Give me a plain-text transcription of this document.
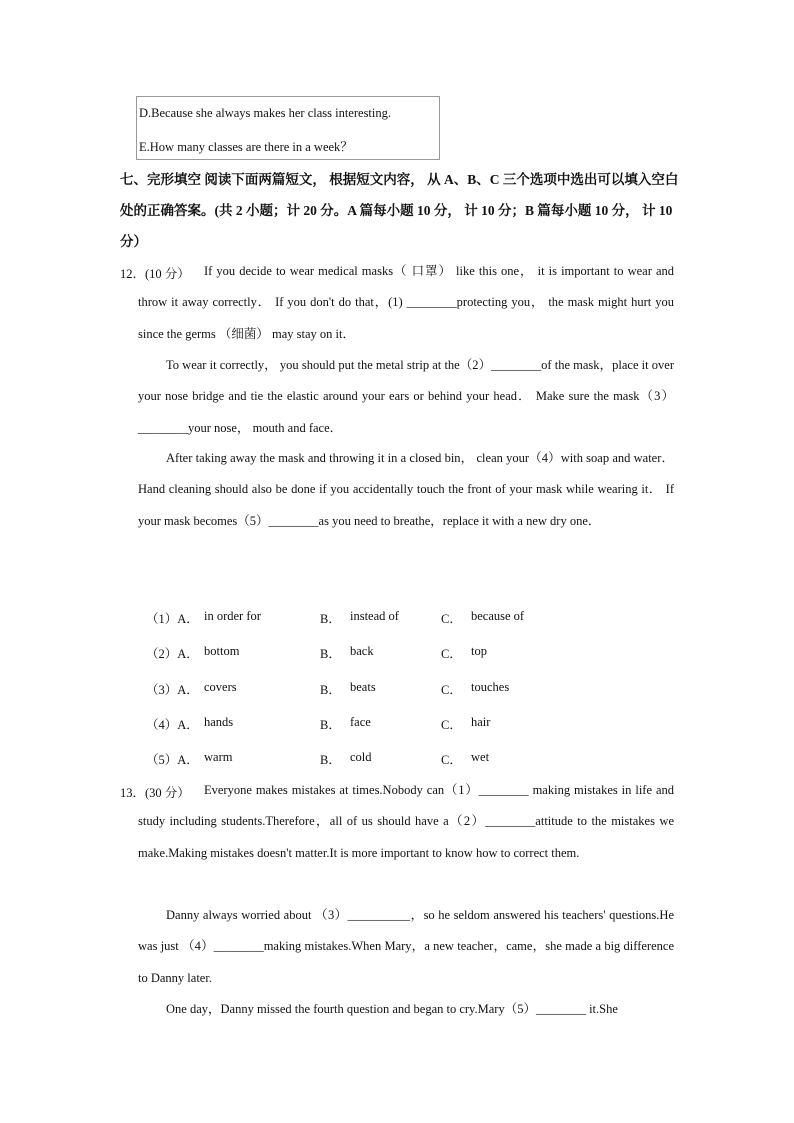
D.Because she always makes her class interesting.
E.How many classes are there in a week？
七、完形填空 阅读下面两篇短文， 根据短文内容， 从 A、B、C 三个选项中选出可以填入空白处的正确答案。(共 2 小题；计 20 分。A 篇每小题 10 分， 计 10 分；B 篇每小题 10 分， 计 10 分）
12．(10 分）	If you decide to wear medical masks（ 口罩） like this one， it is important to wear and throw it away correctly． If you don't do that，(1) ________protecting you， the mask might hurt you since the germs （细菌） may stay on it．
To wear it correctly， you should put the metal strip at the（2）________of the mask，place it over your nose bridge and tie the elastic around your ears or behind your head． Make sure the mask（3）________your nose， mouth and face．
After taking away the mask and throwing it in a closed bin， clean your（4）with soap and water． Hand cleaning should also be done if you accidentally touch the front of your mask while wearing it． If your mask becomes（5）________as you need to breathe，replace it with a new dry one．
（1）A． in order for	B． instead of	C． because of
（2）A． bottom	B． back	C． top
（3）A． covers	B． beats	C． touches
（4）A． hands	B． face	C． hair
（5）A． warm	B． cold	C． wet
13．(30 分）	Everyone makes mistakes at times.Nobody can（1）________ making mistakes in life and study including students.Therefore，all of us should have a（2）________attitude to the mistakes we make.Making mistakes doesn't matter.It is more important to know how to correct them.
Danny always worried about （3）__________，so he seldom answered his teachers' questions.He was just （4）________making mistakes.When Mary，a new teacher，came，she made a big difference to Danny later.
One day，Danny missed the fourth question and began to cry.Mary（5）________ it.She
